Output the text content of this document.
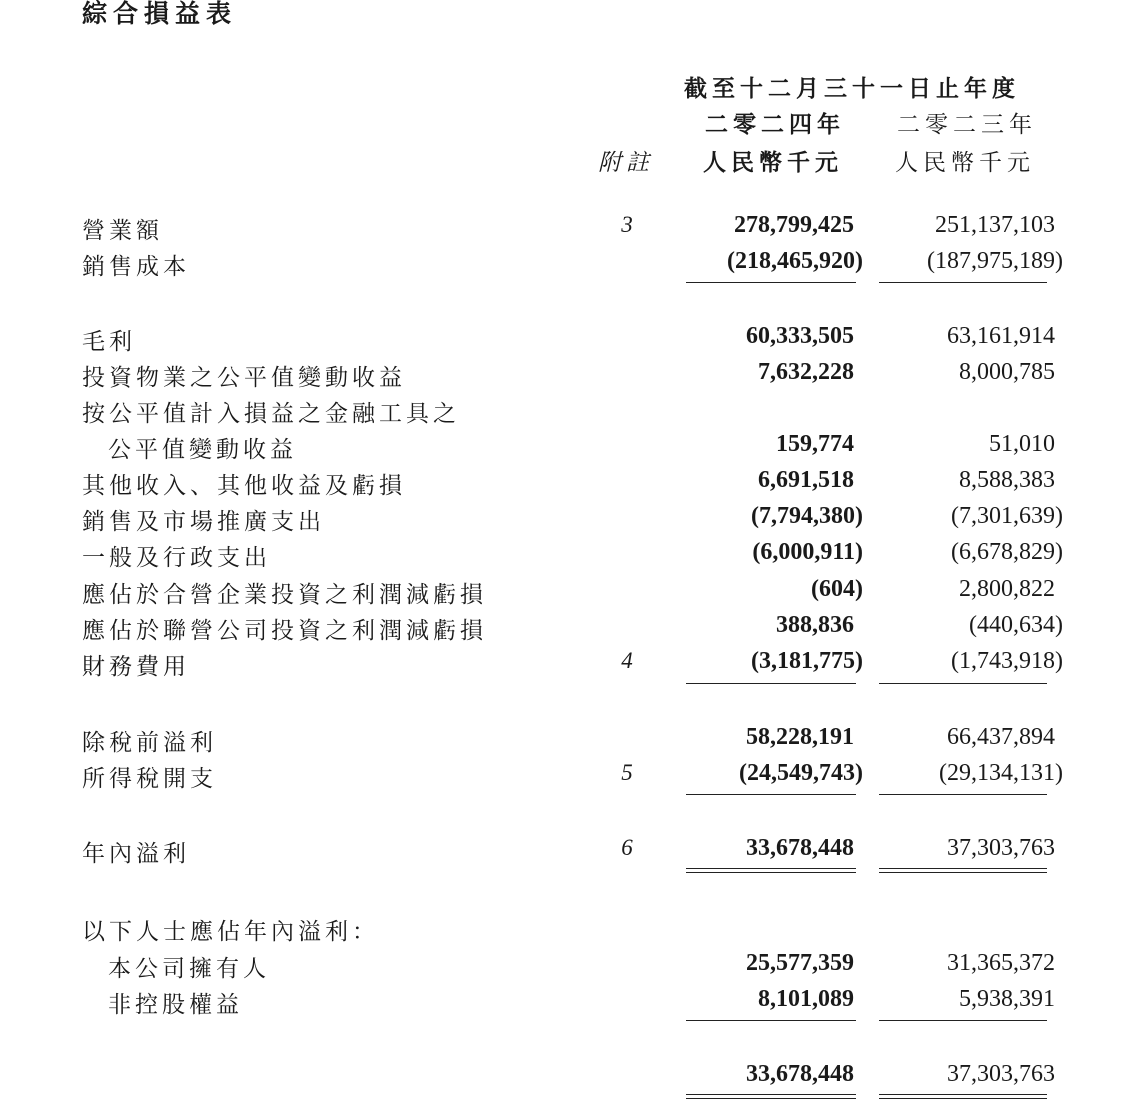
綜合損益表
截至十二月三十一日止年度
二零二四年 二零二三年
附註 人民幣千元 人民幣千元
營業額	3	278,799,425	251,137,103
銷售成本	(218,465,920)	(187,975,189)
毛利	60,333,505	63,161,914
投資物業之公平值變動收益	7,632,228	8,000,785
按公平值計入損益之金融工具之
公平值變動收益	159,774	51,010
其他收入、其他收益及虧損	6,691,518	8,588,383
銷售及市場推廣支出	(7,794,380)	(7,301,639)
一般及行政支出	(6,000,911)	(6,678,829)
應佔於合營企業投資之利潤減虧損	(604)	2,800,822
應佔於聯營公司投資之利潤減虧損	388,836	(440,634)
財務費用	4	(3,181,775)	(1,743,918)
除稅前溢利	58,228,191	66,437,894
所得稅開支	5	(24,549,743)	(29,134,131)
年內溢利	6	33,678,448	37,303,763
以下人士應佔年內溢利：
本公司擁有人	25,577,359	31,365,372
非控股權益	8,101,089	5,938,391
33,678,448	37,303,763
